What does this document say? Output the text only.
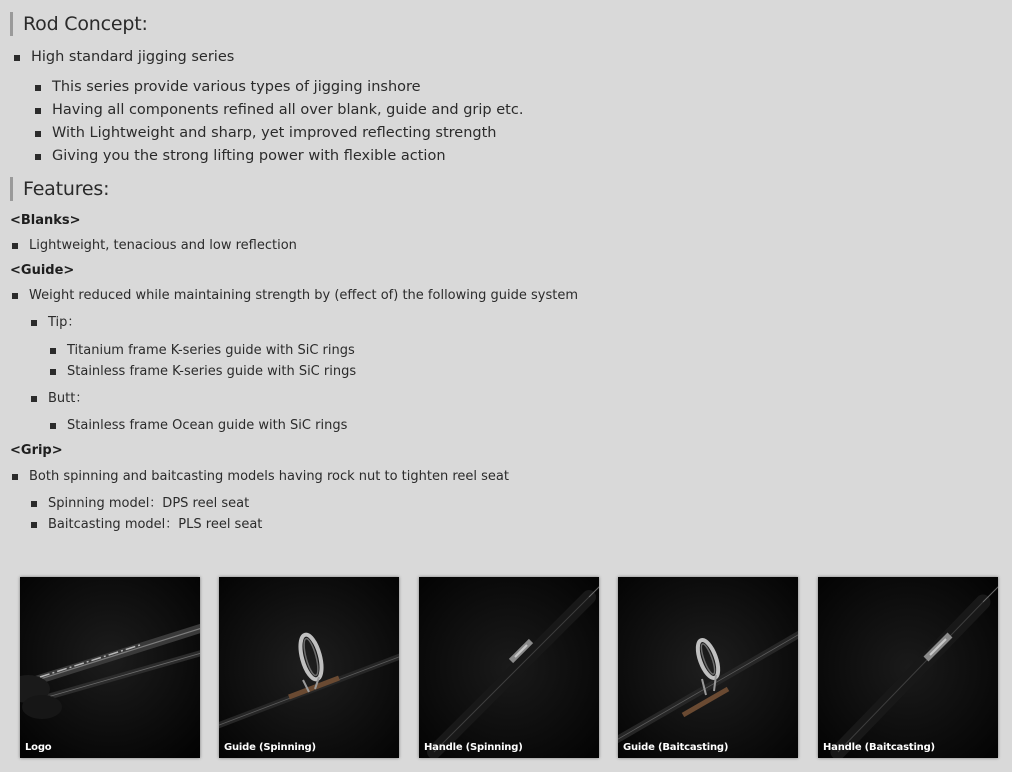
Rod Concept:
High standard jigging series
This series provide various types of jigging inshore
Having all components refined all over blank, guide and grip etc.
With Lightweight and sharp, yet improved reflecting strength
Giving you the strong lifting power with flexible action
Features:
<Blanks>
Lightweight, tenacious and low reflection
<Guide>
Weight reduced while maintaining strength by (effect of) the following guide system
Tip：
Titanium frame K-series guide with SiC rings
Stainless frame K-series guide with SiC rings
Butt：
Stainless frame Ocean guide with SiC rings
<Grip>
Both spinning and baitcasting models having rock nut to tighten reel seat
Spinning model：DPS reel seat
Baitcasting model：PLS reel seat
Logo	Guide (Spinning)	Handle (Spinning)	Guide (Baitcasting)	Handle (Baitcasting)
